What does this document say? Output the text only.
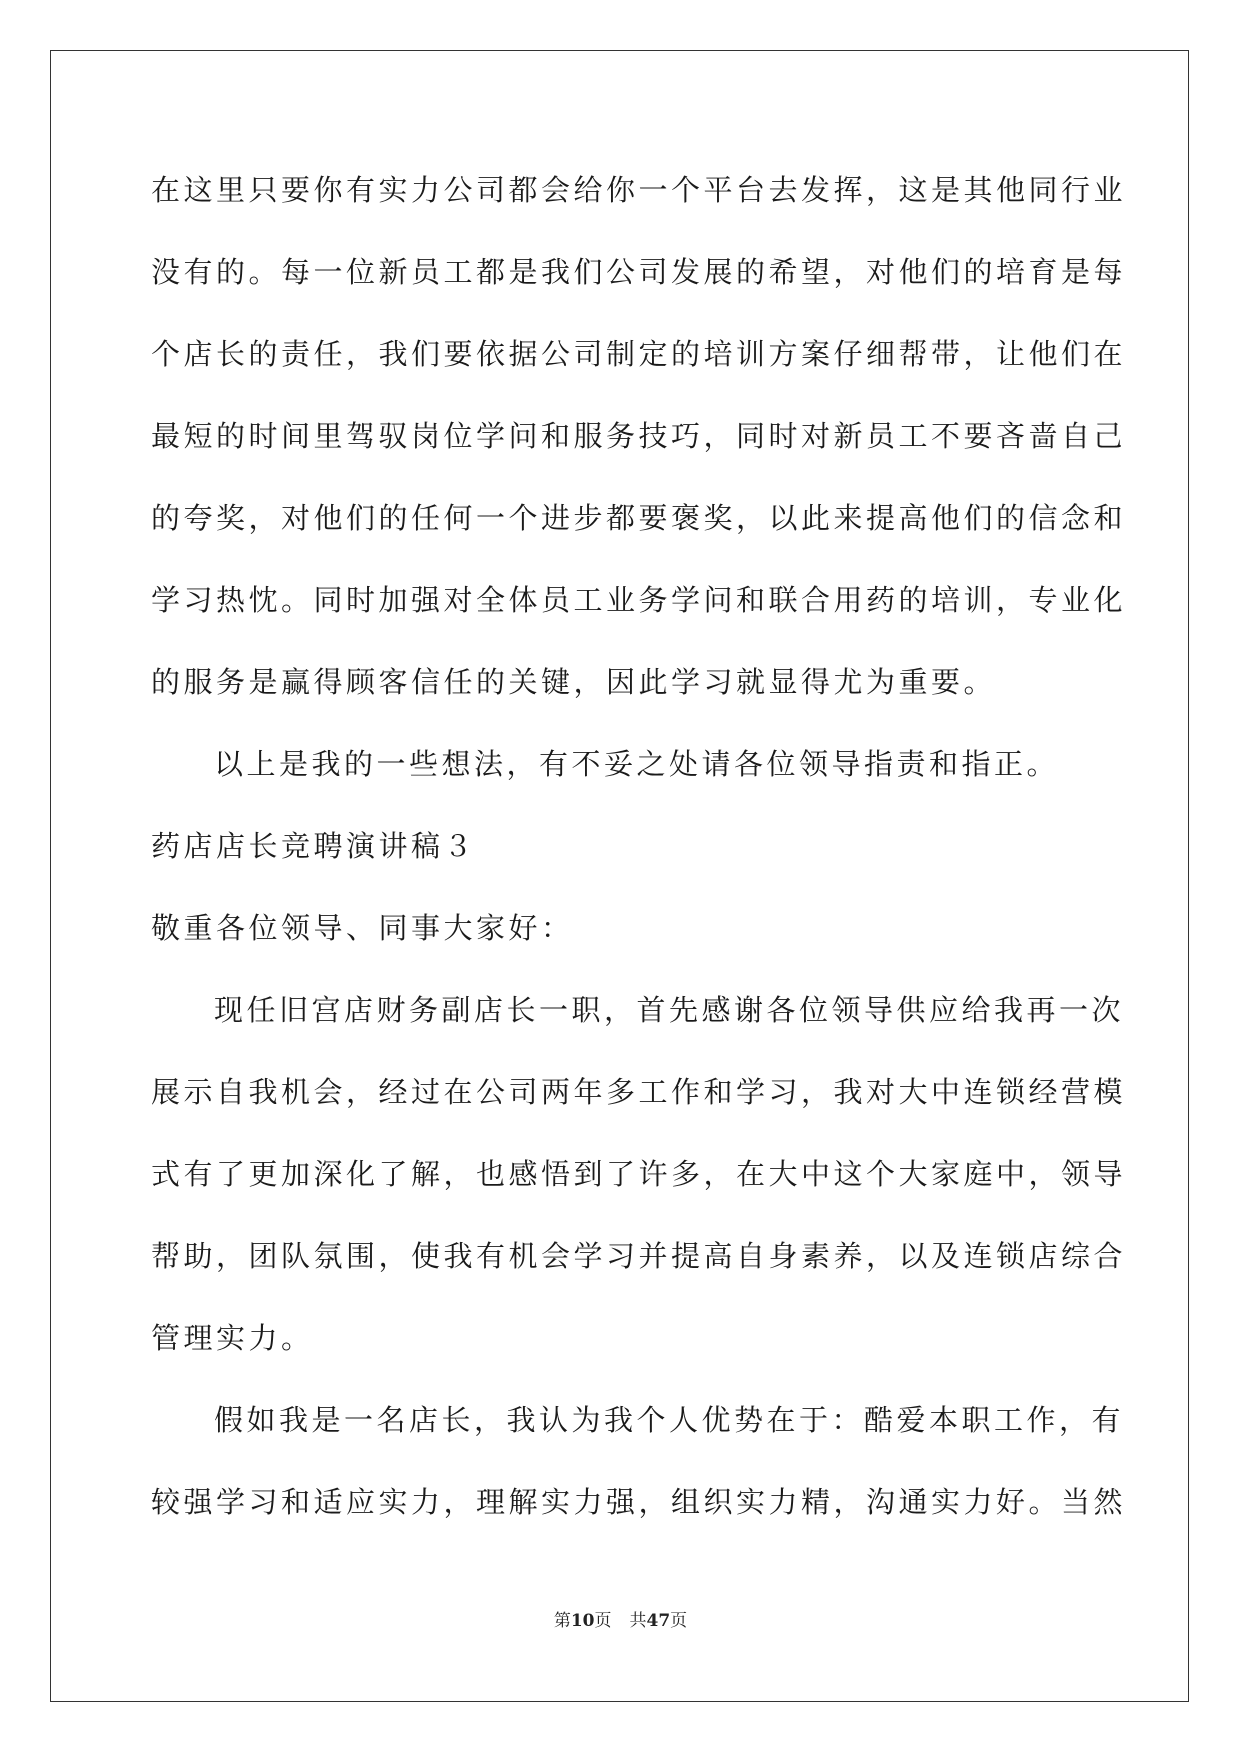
在这里只要你有实力公司都会给你一个平台去发挥，这是其他同行业
没有的。每一位新员工都是我们公司发展的希望，对他们的培育是每
个店长的责任，我们要依据公司制定的培训方案仔细帮带，让他们在
最短的时间里驾驭岗位学问和服务技巧，同时对新员工不要吝啬自己
的夸奖，对他们的任何一个进步都要褒奖，以此来提高他们的信念和
学习热忱。同时加强对全体员工业务学问和联合用药的培训，专业化
的服务是赢得顾客信任的关键，因此学习就显得尤为重要。
以上是我的一些想法，有不妥之处请各位领导指责和指正。
药店店长竞聘演讲稿３
敬重各位领导、同事大家好：
现任旧宫店财务副店长一职，首先感谢各位领导供应给我再一次
展示自我机会，经过在公司两年多工作和学习，我对大中连锁经营模
式有了更加深化了解，也感悟到了许多，在大中这个大家庭中，领导
帮助，团队氛围，使我有机会学习并提高自身素养，以及连锁店综合
管理实力。
假如我是一名店长，我认为我个人优势在于：酷爱本职工作，有
较强学习和适应实力，理解实力强，组织实力精，沟通实力好。当然
第10页 共47页
